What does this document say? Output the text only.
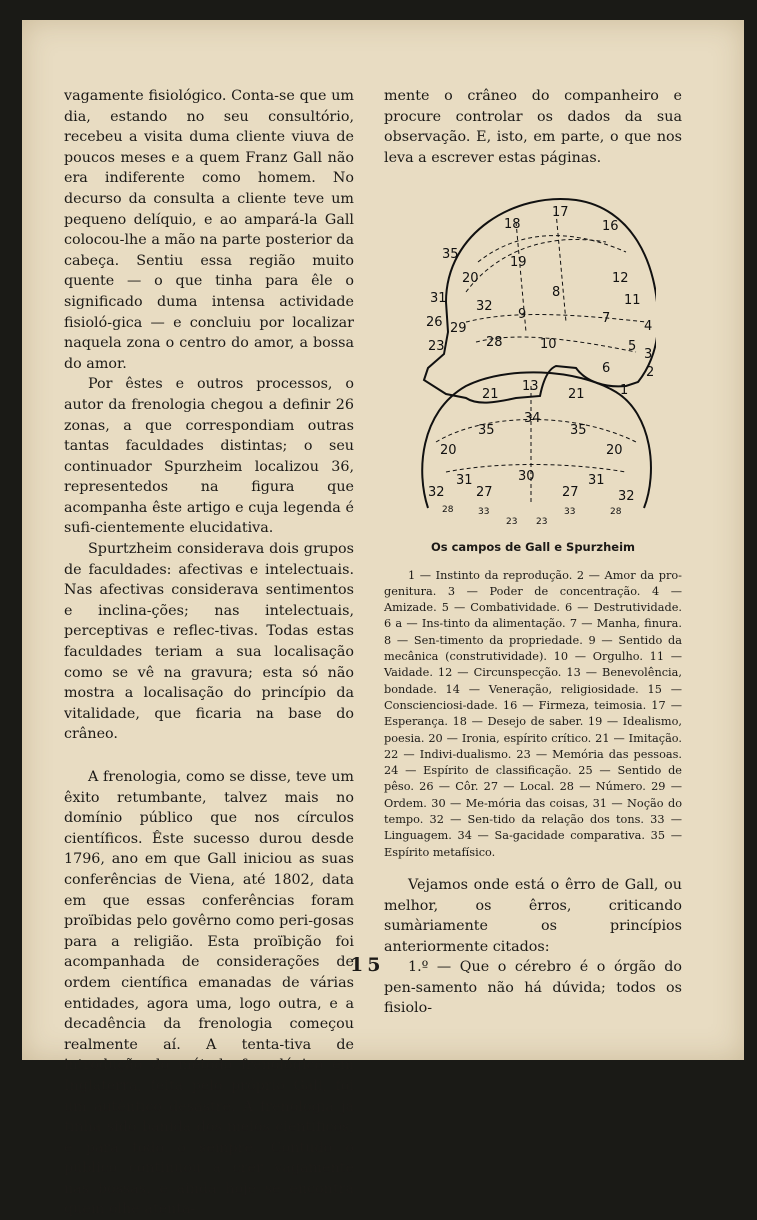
vagamente fisiológico. Conta-se que um dia, estando no seu consultório, recebeu a visita duma cliente viuva de poucos meses e a quem Franz Gall não era indiferente como homem. No decurso da consulta a cliente teve um pequeno delíquio, e ao ampará-la Gall colocou-lhe a mão na parte posterior da cabeça. Sentiu essa região muito quente — o que tinha para êle o significado duma intensa actividade fisioló-gica — e concluiu por localizar naquela zona o centro do amor, a bossa do amor.

Por êstes e outros processos, o autor da frenologia chegou a definir 26 zonas, a que correspondiam outras tantas faculdades distintas; o seu continuador Spurzheim localizou 36, representedos na figura que acompanha êste artigo e cuja legenda é sufi-cientemente elucidativa.

Spurtzheim considerava dois grupos de faculdades: afectivas e intelectuais. Nas afectivas considerava sentimentos e inclina-ções; nas intelectuais, perceptivas e reflec-tivas. Todas estas faculdades teriam a sua localisação como se vê na gravura; esta só não mostra a localisação do princípio da vitalidade, que ficaria na base do crâneo.

A frenologia, como se disse, teve um êxito retumbante, talvez mais no domínio público que nos círculos científicos. Êste sucesso durou desde 1796, ano em que Gall iniciou as suas conferências de Viena, até 1802, data em que essas conferências foram proïbidas pelo govêrno como peri-gosas para a religião. Esta proïbição foi acompanhada de considerações de ordem científica emanadas de várias entidades, agora uma, logo outra, e a decadência da frenologia começou realmente aí. A tenta-tiva de introdução do método frenológico em Inglaterra, feita pelo próprio Gall, foi um autêntico desastre. A frenologia já tinha sido banida dos meios científicos, e para todo o sempre. Contudo o público continuou a crer vagamente nas bossas, e ainda hoje se encontra quem olhe atenta-

mente o crâneo do companheiro e procure controlar os dados da sua observação. E, isto, em parte, o que nos leva a escrever estas páginas.

17
18	16
35
19
20	12
31
32
9
8
11
26 29
7
4
23	28	10	5
6
3
1
2
21
13
21
34
35	35
20	20
31	30	31
32 27	27	32
28	33	33	28
23 23
Os campos de Gall e Spurzheim

1 — Instinto da reprodução. 2 — Amor da pro-genitura. 3 — Poder de concentração. 4 — Amizade. 5 — Combatividade. 6 — Destrutividade. 6 a — Ins-tinto da alimentação. 7 — Manha, finura. 8 — Sen-timento da propriedade. 9 — Sentido da mecânica (construtividade). 10 — Orgulho. 11 — Vaidade. 12 — Circunspecção. 13 — Benevolência, bondade. 14 — Veneração, religiosidade. 15 — Conscienciosi-dade. 16 — Firmeza, teimosia. 17 — Esperança. 18 — Desejo de saber. 19 — Idealismo, poesia. 20 — Ironia, espírito crítico. 21 — Imitação. 22 — Indivi-dualismo. 23 — Memória das pessoas. 24 — Espírito de classificação. 25 — Sentido de pêso. 26 — Côr. 27 — Local. 28 — Número. 29 — Ordem. 30 — Me-mória das coisas, 31 — Noção do tempo. 32 — Sen-tido da relação dos tons. 33 — Linguagem. 34 — Sa-gacidade comparativa. 35 — Espírito metafísico.

Vejamos onde está o êrro de Gall, ou melhor, os êrros, criticando sumàriamente os princípios anteriormente citados:

1.º — Que o cérebro é o órgão do pen-samento não há dúvida; todos os fisiolo-

15
